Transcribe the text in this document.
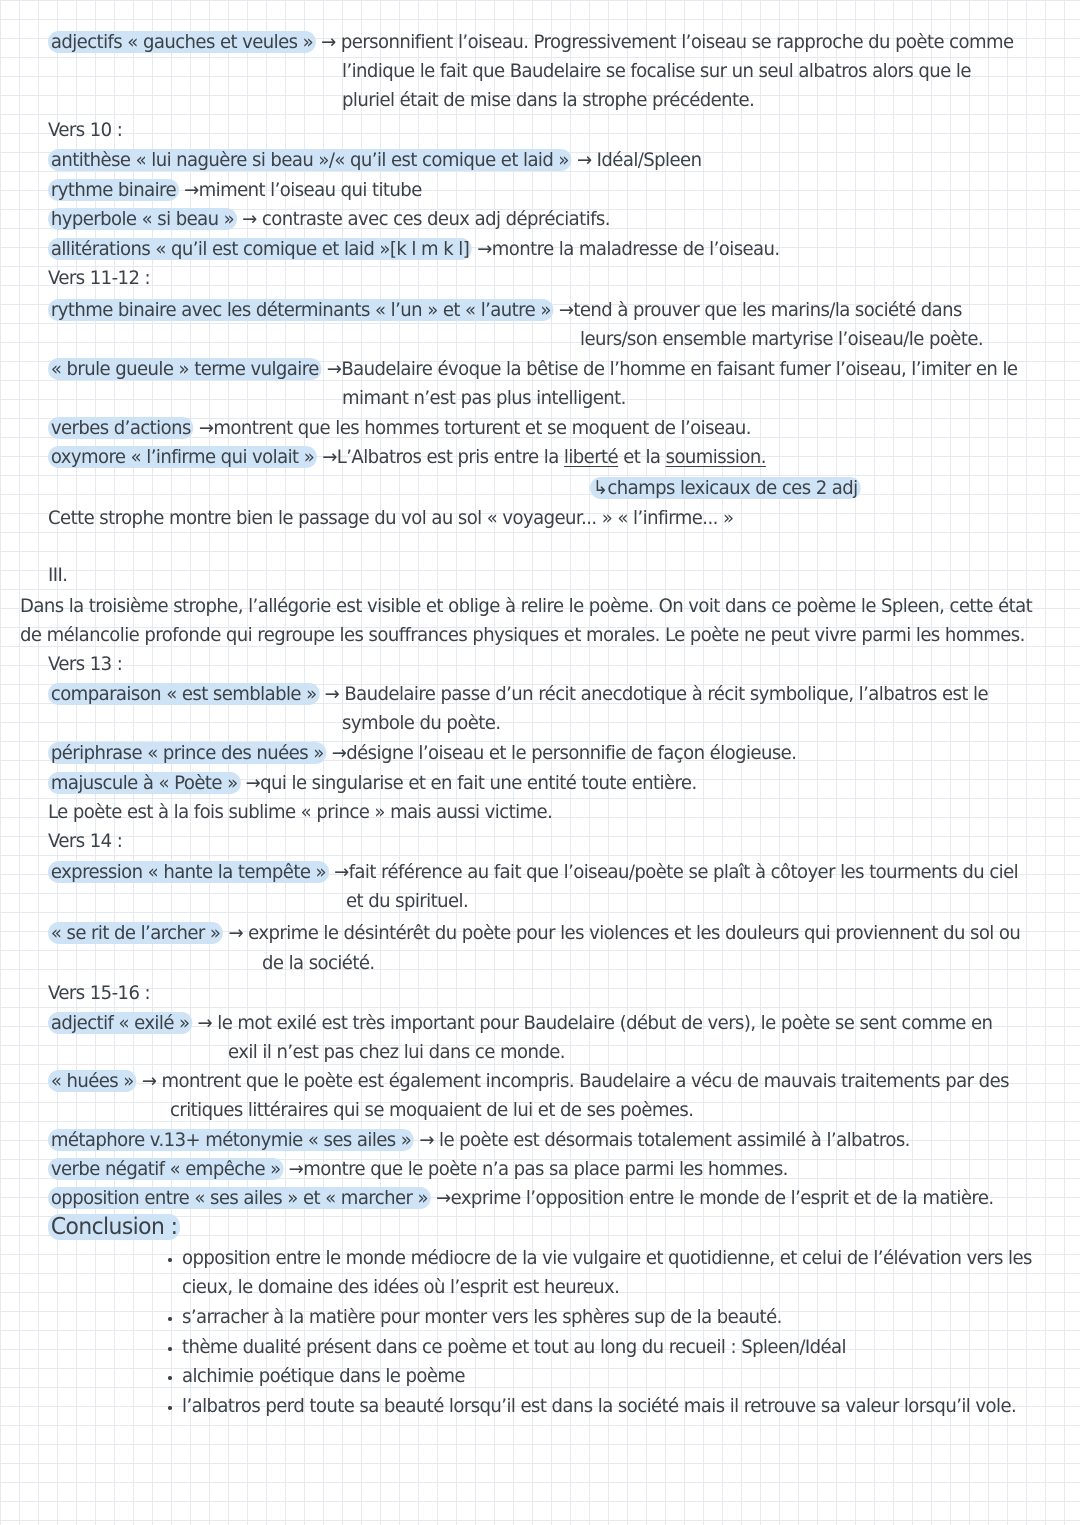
adjectifs « gauches et veules » → personnifient l’oiseau. Progressivement l’oiseau se rapproche du poète comme
l’indique le fait que Baudelaire se focalise sur un seul albatros alors que le
pluriel était de mise dans la strophe précédente.
Vers 10 :
antithèse « lui naguère si beau »/« qu’il est comique et laid » → Idéal/Spleen
rythme binaire →miment l’oiseau qui titube
hyperbole « si beau » → contraste avec ces deux adj dépréciatifs.
allitérations « qu’il est comique et laid »[k l m k l] →montre la maladresse de l’oiseau.
Vers 11-12 :
rythme binaire avec les déterminants « l’un » et « l’autre » →tend à prouver que les marins/la société dans
leurs/son ensemble martyrise l’oiseau/le poète.
« brule gueule » terme vulgaire →Baudelaire évoque la bêtise de l’homme en faisant fumer l’oiseau, l’imiter en le
mimant n’est pas plus intelligent.
verbes d’actions →montrent que les hommes torturent et se moquent de l’oiseau.
oxymore « l’infirme qui volait » →L’Albatros est pris entre la liberté et la soumission.
↳champs lexicaux de ces 2 adj
Cette strophe montre bien le passage du vol au sol « voyageur... » « l’infirme... »
III.
Dans la troisième strophe, l’allégorie est visible et oblige à relire le poème. On voit dans ce poème le Spleen, cette état
de mélancolie profonde qui regroupe les souffrances physiques et morales. Le poète ne peut vivre parmi les hommes.
Vers 13 :
comparaison « est semblable » → Baudelaire passe d’un récit anecdotique à récit symbolique, l’albatros est le
symbole du poète.
périphrase « prince des nuées » →désigne l’oiseau et le personnifie de façon élogieuse.
majuscule à « Poète » →qui le singularise et en fait une entité toute entière.
Le poète est à la fois sublime « prince » mais aussi victime.
Vers 14 :
expression « hante la tempête » →fait référence au fait que l’oiseau/poète se plaît à côtoyer les tourments du ciel
et du spirituel.
« se rit de l’archer » → exprime le désintérêt du poète pour les violences et les douleurs qui proviennent du sol ou
de la société.
Vers 15-16 :
adjectif « exilé » → le mot exilé est très important pour Baudelaire (début de vers), le poète se sent comme en
exil il n’est pas chez lui dans ce monde.
« huées » → montrent que le poète est également incompris. Baudelaire a vécu de mauvais traitements par des
critiques littéraires qui se moquaient de lui et de ses poèmes.
métaphore v.13+ métonymie « ses ailes » → le poète est désormais totalement assimilé à l’albatros.
verbe négatif « empêche » →montre que le poète n’a pas sa place parmi les hommes.
opposition entre « ses ailes » et « marcher » →exprime l’opposition entre le monde de l’esprit et de la matière.
Conclusion :
opposition entre le monde médiocre de la vie vulgaire et quotidienne, et celui de l’élévation vers les
cieux, le domaine des idées où l’esprit est heureux.
s’arracher à la matière pour monter vers les sphères sup de la beauté.
thème dualité présent dans ce poème et tout au long du recueil : Spleen/Idéal
alchimie poétique dans le poème
l’albatros perd toute sa beauté lorsqu’il est dans la société mais il retrouve sa valeur lorsqu’il vole.
